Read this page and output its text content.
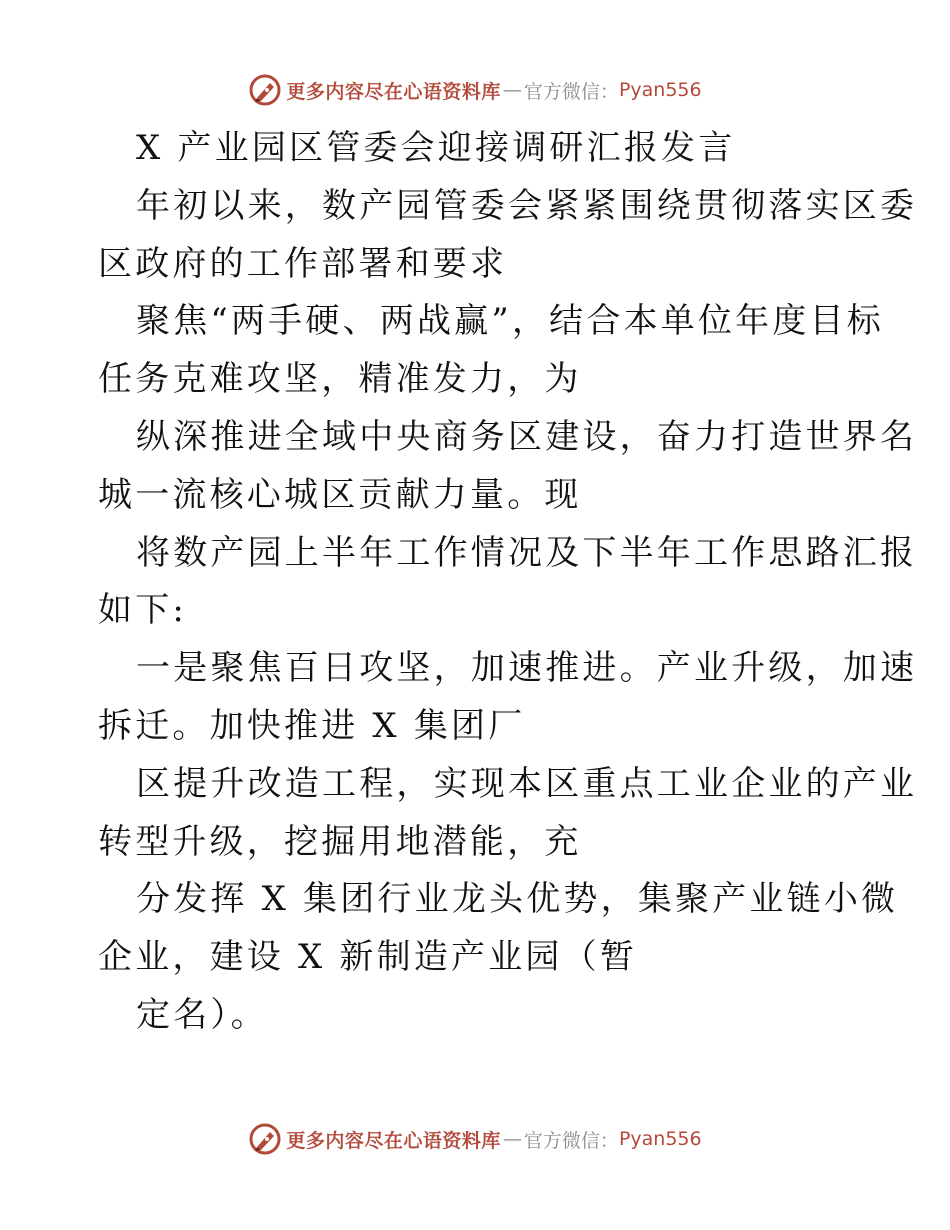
更多内容尽在心语资料库 — 官方微信： Pyan556
X 产业园区管委会迎接调研汇报发言
年初以来，数产园管委会紧紧围绕贯彻落实区委
区政府的工作部署和要求
聚焦“两手硬、两战赢”，结合本单位年度目标
任务克难攻坚，精准发力，为
纵深推进全域中央商务区建设，奋力打造世界名
城一流核心城区贡献力量。现
将数产园上半年工作情况及下半年工作思路汇报
如下:
一是聚焦百日攻坚，加速推进。产业升级，加速
拆迁。加快推进 X 集团厂
区提升改造工程，实现本区重点工业企业的产业
转型升级，挖掘用地潜能，充
分发挥 X 集团行业龙头优势，集聚产业链小微
企业，建设 X 新制造产业园（暂
定名）。
更多内容尽在心语资料库 — 官方微信： Pyan556
